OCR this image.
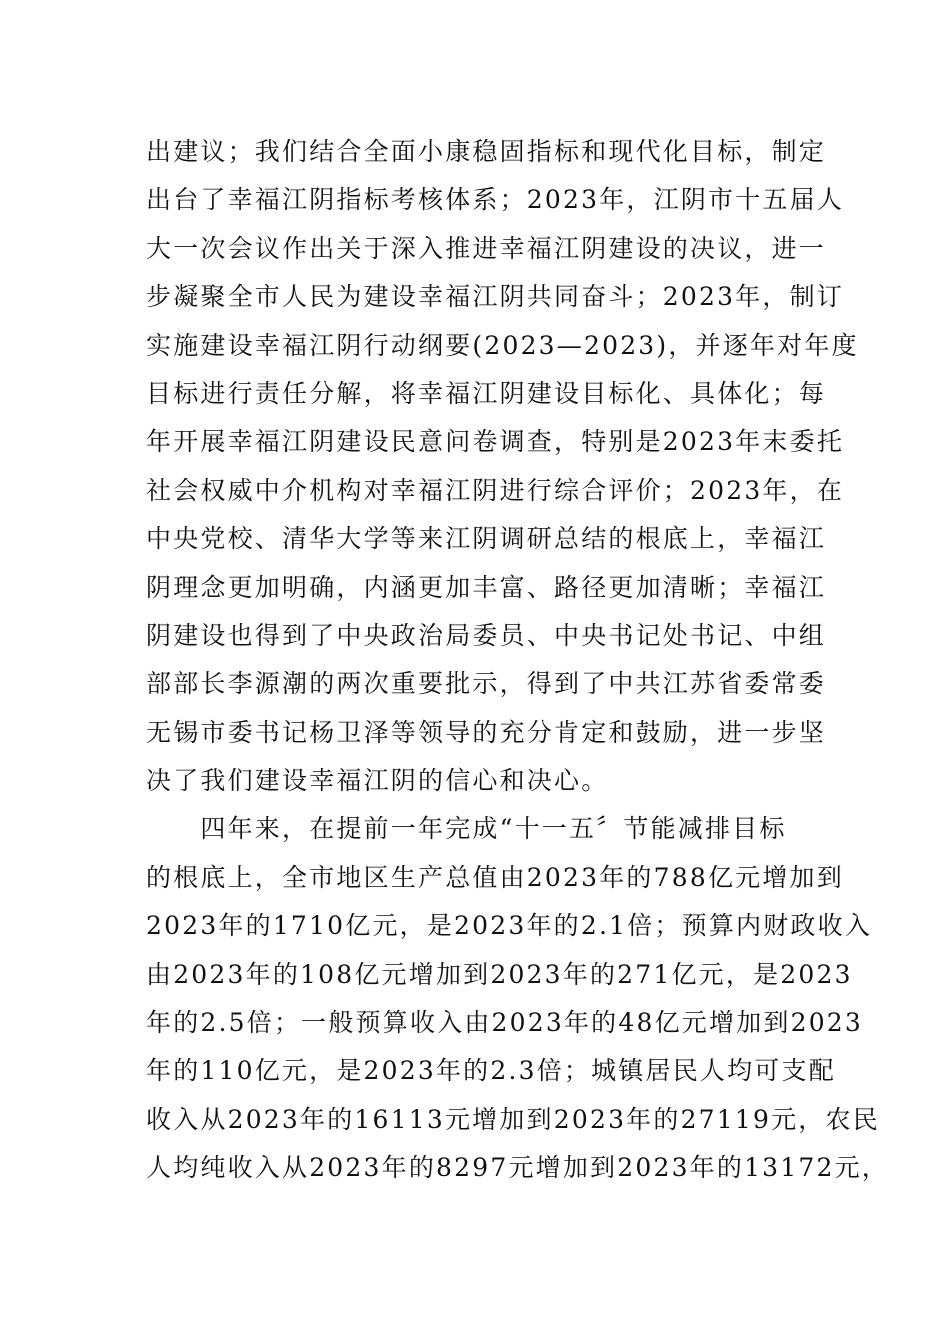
出建议；我们结合全面小康稳固指标和现代化目标，制定
出台了幸福江阴指标考核体系；2023年，江阴市十五届人
大一次会议作出关于深入推进幸福江阴建设的决议，进一
步凝聚全市人民为建设幸福江阴共同奋斗；2023年，制订
实施建设幸福江阴行动纲要(2023—2023)，并逐年对年度
目标进行责任分解，将幸福江阴建设目标化、具体化；每
年开展幸福江阴建设民意问卷调查，特别是2023年末委托
社会权威中介机构对幸福江阴进行综合评价；2023年，在
中央党校、清华大学等来江阴调研总结的根底上，幸福江
阴理念更加明确，内涵更加丰富、路径更加清晰；幸福江
阴建设也得到了中央政治局委员、中央书记处书记、中组
部部长李源潮的两次重要批示，得到了中共江苏省委常委
无锡市委书记杨卫泽等领导的充分肯定和鼓励，进一步坚
决了我们建设幸福江阴的信心和决心。
　　四年来，在提前一年完成“十一五〞节能减排目标
的根底上，全市地区生产总值由2023年的788亿元增加到
2023年的1710亿元，是2023年的2.1倍；预算内财政收入
由2023年的108亿元增加到2023年的271亿元，是2023
年的2.5倍；一般预算收入由2023年的48亿元增加到2023
年的110亿元，是2023年的2.3倍；城镇居民人均可支配
收入从2023年的16113元增加到2023年的27119元，农民
人均纯收入从2023年的8297元增加到2023年的13172元，
